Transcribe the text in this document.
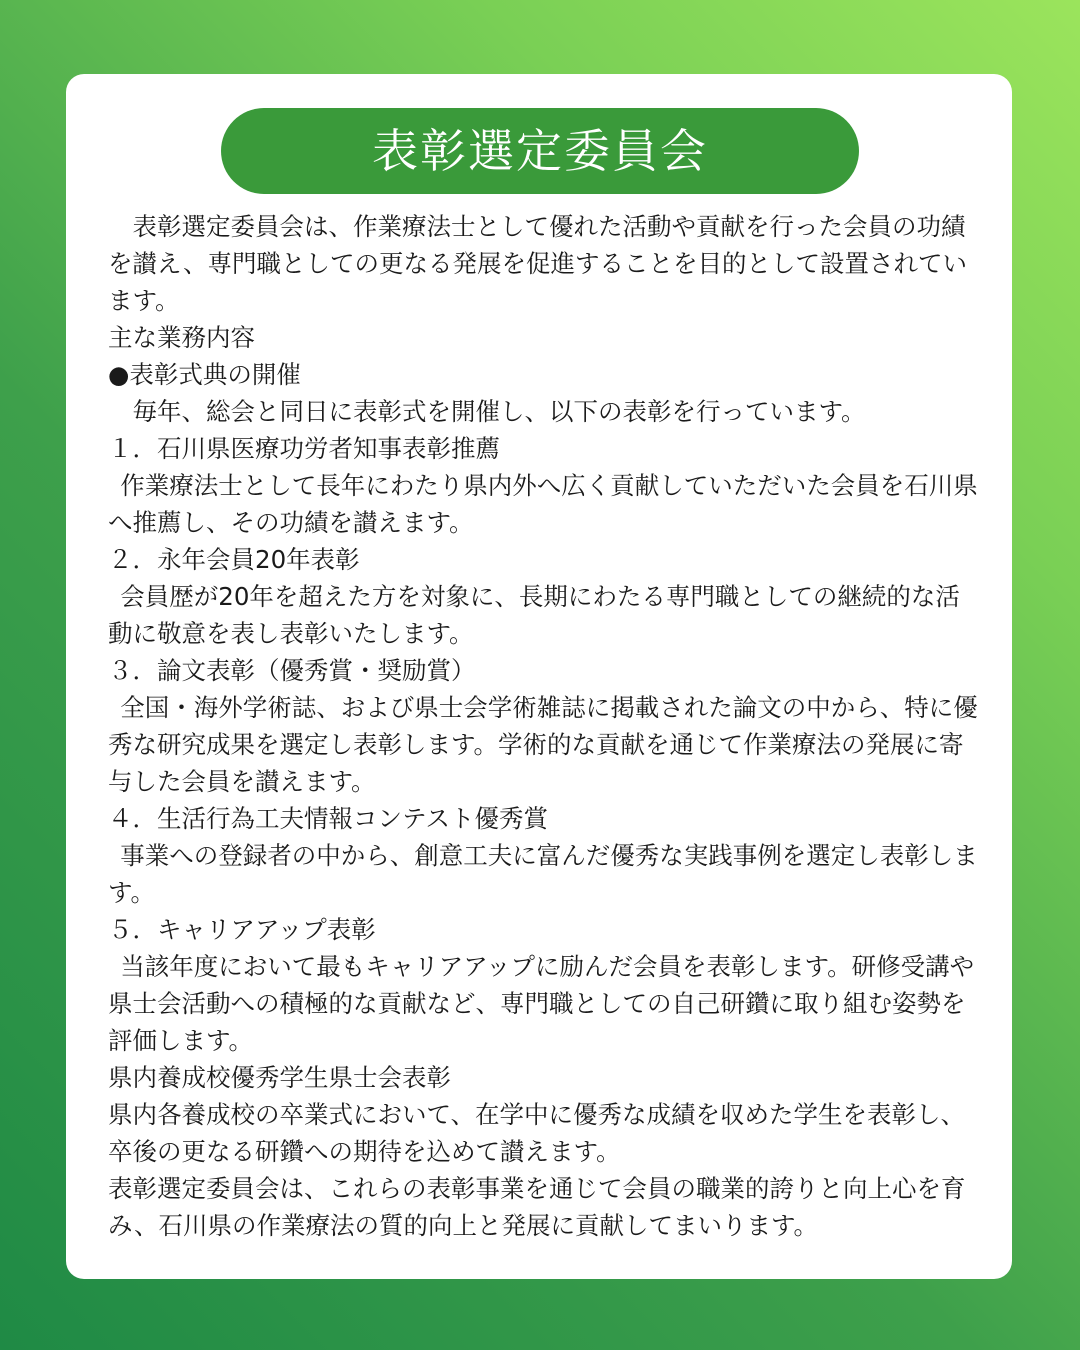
表彰選定委員会

表彰選定委員会は、作業療法士として優れた活動や貢献を行った会員の功績を讃え、専門職としての更なる発展を促進することを目的として設置されています。

主な業務内容

●表彰式典の開催

毎年、総会と同日に表彰式を開催し、以下の表彰を行っています。

１．石川県医療功労者知事表彰推薦

作業療法士として長年にわたり県内外へ広く貢献していただいた会員を石川県へ推薦し、その功績を讃えます。

２．永年会員20年表彰

会員歴が20年を超えた方を対象に、長期にわたる専門職としての継続的な活動に敬意を表し表彰いたします。

３．論文表彰（優秀賞・奨励賞）

全国・海外学術誌、および県士会学術雑誌に掲載された論文の中から、特に優秀な研究成果を選定し表彰します。学術的な貢献を通じて作業療法の発展に寄与した会員を讃えます。

４．生活行為工夫情報コンテスト優秀賞

事業への登録者の中から、創意工夫に富んだ優秀な実践事例を選定し表彰します。

５．キャリアアップ表彰

当該年度において最もキャリアアップに励んだ会員を表彰します。研修受講や県士会活動への積極的な貢献など、専門職としての自己研鑽に取り組む姿勢を評価します。

県内養成校優秀学生県士会表彰

県内各養成校の卒業式において、在学中に優秀な成績を収めた学生を表彰し、卒後の更なる研鑽への期待を込めて讃えます。

表彰選定委員会は、これらの表彰事業を通じて会員の職業的誇りと向上心を育み、石川県の作業療法の質的向上と発展に貢献してまいります。
